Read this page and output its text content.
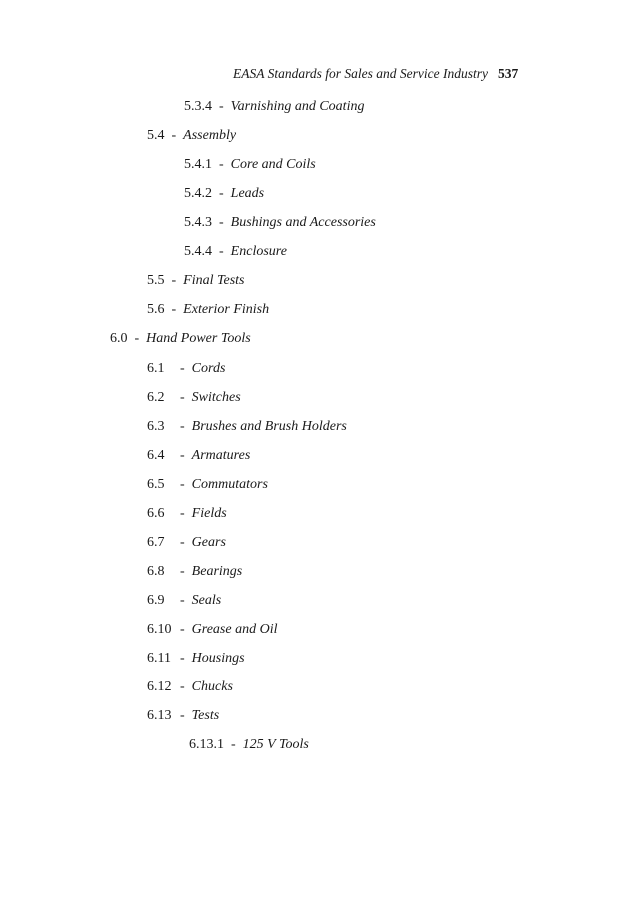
EASA Standards for Sales and Service Industry 537
5.3.4 - Varnishing and Coating
5.4 - Assembly
5.4.1 - Core and Coils
5.4.2 - Leads
5.4.3 - Bushings and Accessories
5.4.4 - Enclosure
5.5 - Final Tests
5.6 - Exterior Finish
6.0 - Hand Power Tools
6.1 - Cords
6.2 - Switches
6.3 - Brushes and Brush Holders
6.4 - Armatures
6.5 - Commutators
6.6 - Fields
6.7 - Gears
6.8 - Bearings
6.9 - Seals
6.10 - Grease and Oil
6.11 - Housings
6.12 - Chucks
6.13 - Tests
6.13.1 - 125 V Tools
